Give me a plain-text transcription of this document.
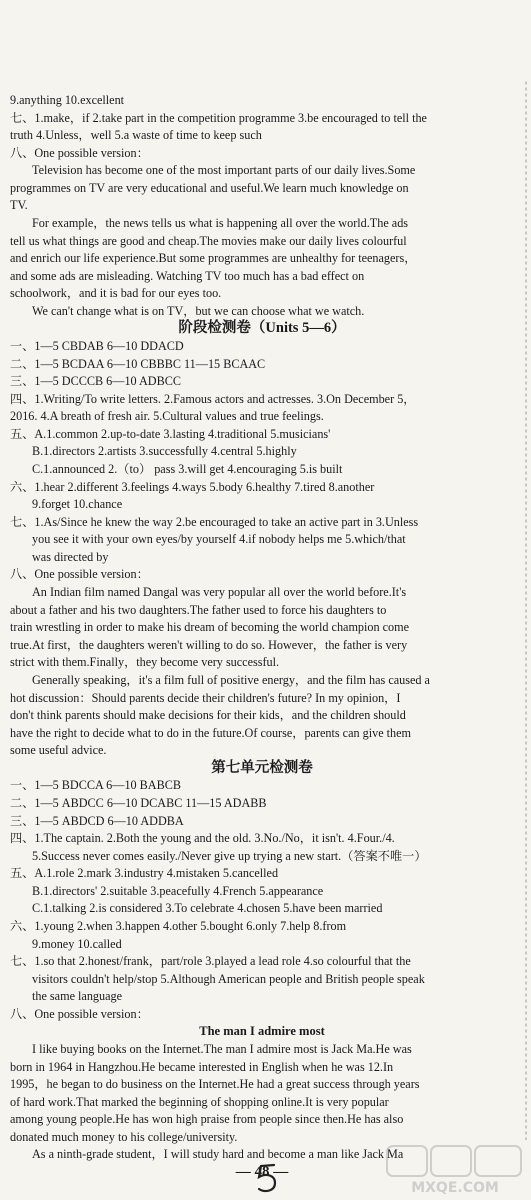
9.anything 10.excellent
七、1.make，if 2.take part in the competition programme 3.be encouraged to tell the
truth 4.Unless，well 5.a waste of time to keep such
八、One possible version：
Television has become one of the most important parts of our daily lives.Some
programmes on TV are very educational and useful.We learn much knowledge on
TV.
For example，the news tells us what is happening all over the world.The ads
tell us what things are good and cheap.The movies make our daily lives colourful
and enrich our life experience.But some programmes are unhealthy for teenagers，
and some ads are misleading. Watching TV too much has a bad effect on
schoolwork，and it is bad for our eyes too.
We can't change what is on TV，but we can choose what we watch.
阶段检测卷（Units 5—6）
一、1—5 CBDAB 6—10 DDACD
二、1—5 BCDAA 6—10 CBBBC 11—15 BCAAC
三、1—5 DCCCB 6—10 ADBCC
四、1.Writing/To write letters. 2.Famous actors and actresses. 3.On December 5，
2016. 4.A breath of fresh air. 5.Cultural values and true feelings.
五、A.1.common 2.up-to-date 3.lasting 4.traditional 5.musicians'
B.1.directors 2.artists 3.successfully 4.central 5.highly
C.1.announced 2.（to） pass 3.will get 4.encouraging 5.is built
六、1.hear 2.different 3.feelings 4.ways 5.body 6.healthy 7.tired 8.another
9.forget 10.chance
七、1.As/Since he knew the way 2.be encouraged to take an active part in 3.Unless
you see it with your own eyes/by yourself 4.if nobody helps me 5.which/that
was directed by
八、One possible version：
An Indian film named Dangal was very popular all over the world before.It's
about a father and his two daughters.The father used to force his daughters to
train wrestling in order to make his dream of becoming the world champion come
true.At first，the daughters weren't willing to do so. However，the father is very
strict with them.Finally，they become very successful.
Generally speaking，it's a film full of positive energy，and the film has caused a
hot discussion：Should parents decide their children's future? In my opinion，I
don't think parents should make decisions for their kids，and the children should
have the right to decide what to do in the future.Of course，parents can give them
some useful advice.
第七单元检测卷
一、1—5 BDCCA 6—10 BABCB
二、1—5 ABDCC 6—10 DCABC 11—15 ADABB
三、1—5 ABDCD 6—10 ADDBA
四、1.The captain. 2.Both the young and the old. 3.No./No，it isn't. 4.Four./4.
5.Success never comes easily./Never give up trying a new start.（答案不唯一）
五、A.1.role 2.mark 3.industry 4.mistaken 5.cancelled
B.1.directors' 2.suitable 3.peacefully 4.French 5.appearance
C.1.talking 2.is considered 3.To celebrate 4.chosen 5.have been married
六、1.young 2.when 3.happen 4.other 5.bought 6.only 7.help 8.from
9.money 10.called
七、1.so that 2.honest/frank，part/role 3.played a lead role 4.so colourful that the
visitors couldn't help/stop 5.Although American people and British people speak
the same language
八、One possible version：
The man I admire most
I like buying books on the Internet.The man I admire most is Jack Ma.He was
born in 1964 in Hangzhou.He became interested in English when he was 12.In
1995，he began to do business on the Internet.He had a great success through years
of hard work.That marked the beginning of shopping online.It is very popular
among young people.He has won high praise from people since then.He has also
donated much money to his college/university.
As a ninth-grade student，I will study hard and become a man like Jack Ma
— 48 —
MXQE.COM
